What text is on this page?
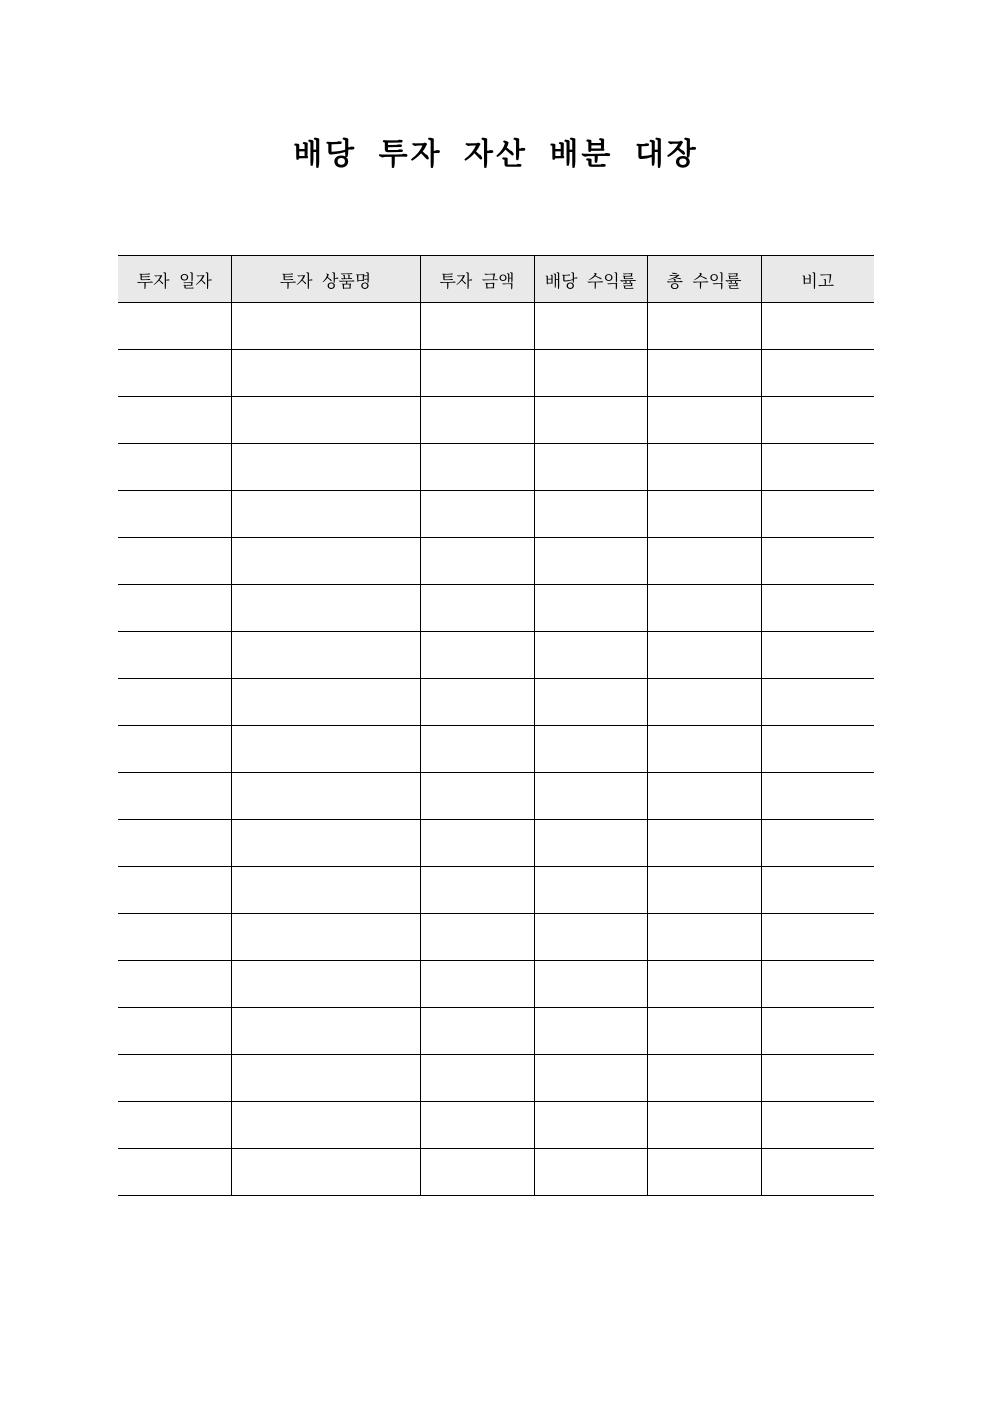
배당 투자 자산 배분 대장
투자 일자	투자 상품명	투자 금액	배당 수익률	총 수익률	비고
